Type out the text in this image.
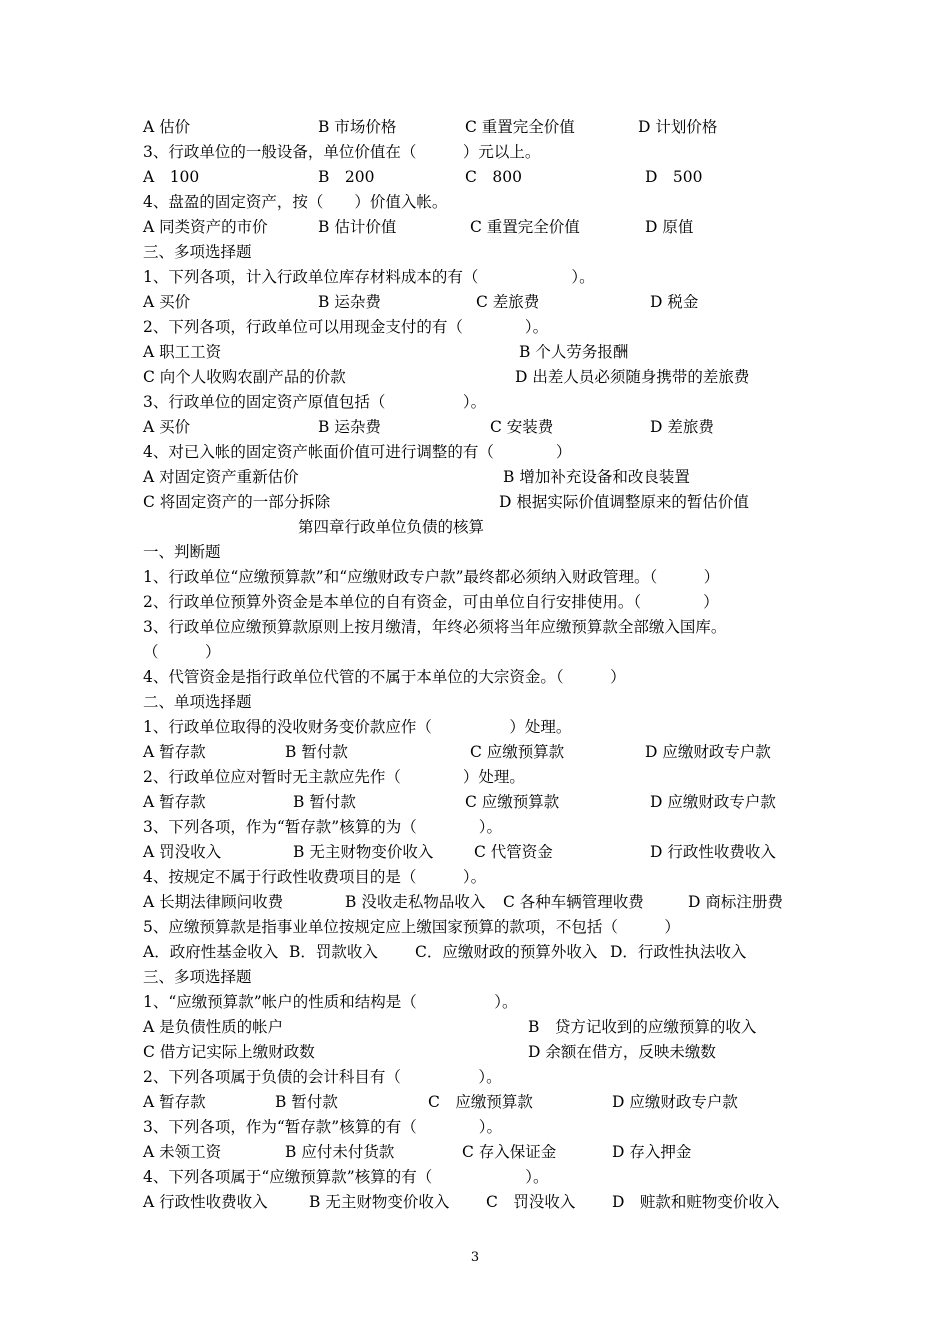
A 估价	B 市场价格	C 重置完全价值	D 计划价格
3、行政单位的一般设备，单位价值在（　　　）元以上。
A　100	B　200	C　800	D　500
4、盘盈的固定资产，按（　　）价值入帐。
A 同类资产的市价	B 估计价值	C 重置完全价值	D 原值
三、多项选择题
1、下列各项，计入行政单位库存材料成本的有（　　　　　　）。
A 买价	B 运杂费	C 差旅费	D 税金
2、下列各项，行政单位可以用现金支付的有（　　　　）。
A 职工工资	B 个人劳务报酬
C 向个人收购农副产品的价款	D 出差人员必须随身携带的差旅费
3、行政单位的固定资产原值包括（　　　　　）。
A 买价	B 运杂费	C 安装费	D 差旅费
4、对已入帐的固定资产帐面价值可进行调整的有（　　　　）
A 对固定资产重新估价	B 增加补充设备和改良装置
C 将固定资产的一部分拆除	D 根据实际价值调整原来的暂估价值
第四章行政单位负债的核算
一、判断题
1、行政单位“应缴预算款”和“应缴财政专户款”最终都必须纳入财政管理。（　　　）
2、行政单位预算外资金是本单位的自有资金，可由单位自行安排使用。（　　　　）
3、行政单位应缴预算款原则上按月缴清，年终必须将当年应缴预算款全部缴入国库。
（　　　）
4、代管资金是指行政单位代管的不属于本单位的大宗资金。（　　　）
二、单项选择题
1、行政单位取得的没收财务变价款应作（　　　　　）处理。
A 暂存款	B 暂付款	C 应缴预算款	D 应缴财政专户款
2、行政单位应对暂时无主款应先作（　　　　）处理。
A 暂存款	B 暂付款	C 应缴预算款	D 应缴财政专户款
3、下列各项，作为“暂存款”核算的为（　　　　）。
A 罚没收入	B 无主财物变价收入	C 代管资金	D 行政性收费收入
4、按规定不属于行政性收费项目的是（　　　）。
A 长期法律顾问收费	B 没收走私物品收入 C 各种车辆管理收费	D 商标注册费
5、应缴预算款是指事业单位按规定应上缴国家预算的款项，不包括（　　　）
A．政府性基金收入 B．罚款收入 C．应缴财政的预算外收入 D．行政性执法收入
三、多项选择题
1、“应缴预算款”帐户的性质和结构是（　　　　　）。
A 是负债性质的帐户	B　贷方记收到的应缴预算的收入
C 借方记实际上缴财政数	D 余额在借方，反映未缴数
2、下列各项属于负债的会计科目有（　　　　　）。
A 暂存款	B 暂付款	C　应缴预算款	D 应缴财政专户款
3、下列各项，作为“暂存款”核算的有（　　　　）。
A 未领工资	B 应付未付货款	C 存入保证金	D 存入押金
4、下列各项属于“应缴预算款”核算的有（　　　　　　）。
A 行政性收费收入	B 无主财物变价收入 C　罚没收入 D　赃款和赃物变价收入
3
